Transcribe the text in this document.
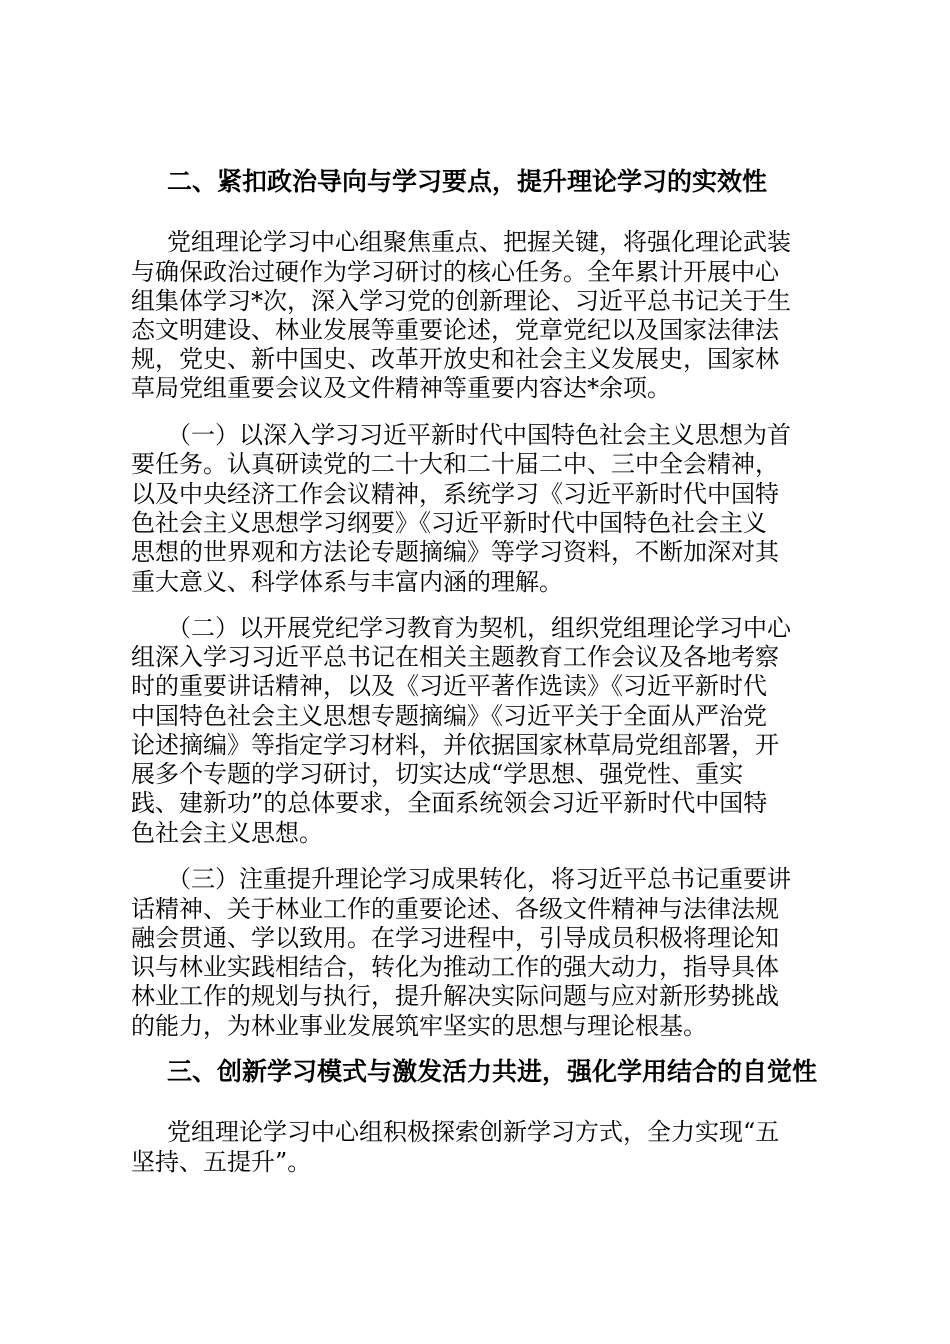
二、紧扣政治导向与学习要点，提升理论学习的实效性

党组理论学习中心组聚焦重点、把握关键，将强化理论武装

与确保政治过硬作为学习研讨的核心任务。全年累计开展中心

组集体学习*次，深入学习党的创新理论、习近平总书记关于生

态文明建设、林业发展等重要论述，党章党纪以及国家法律法

规，党史、新中国史、改革开放史和社会主义发展史，国家林

草局党组重要会议及文件精神等重要内容达*余项。

（一）以深入学习习近平新时代中国特色社会主义思想为首

要任务。认真研读党的二十大和二十届二中、三中全会精神，

以及中央经济工作会议精神，系统学习《习近平新时代中国特

色社会主义思想学习纲要》《习近平新时代中国特色社会主义

思想的世界观和方法论专题摘编》等学习资料，不断加深对其

重大意义、科学体系与丰富内涵的理解。

（二）以开展党纪学习教育为契机，组织党组理论学习中心

组深入学习习近平总书记在相关主题教育工作会议及各地考察

时的重要讲话精神，以及《习近平著作选读》《习近平新时代

中国特色社会主义思想专题摘编》《习近平关于全面从严治党

论述摘编》等指定学习材料，并依据国家林草局党组部署，开

展多个专题的学习研讨，切实达成“学思想、强党性、重实

践、建新功”的总体要求，全面系统领会习近平新时代中国特

色社会主义思想。

（三）注重提升理论学习成果转化，将习近平总书记重要讲

话精神、关于林业工作的重要论述、各级文件精神与法律法规

融会贯通、学以致用。在学习进程中，引导成员积极将理论知

识与林业实践相结合，转化为推动工作的强大动力，指导具体

林业工作的规划与执行，提升解决实际问题与应对新形势挑战

的能力，为林业事业发展筑牢坚实的思想与理论根基。

三、创新学习模式与激发活力共进，强化学用结合的自觉性

党组理论学习中心组积极探索创新学习方式，全力实现“五

坚持、五提升”。
